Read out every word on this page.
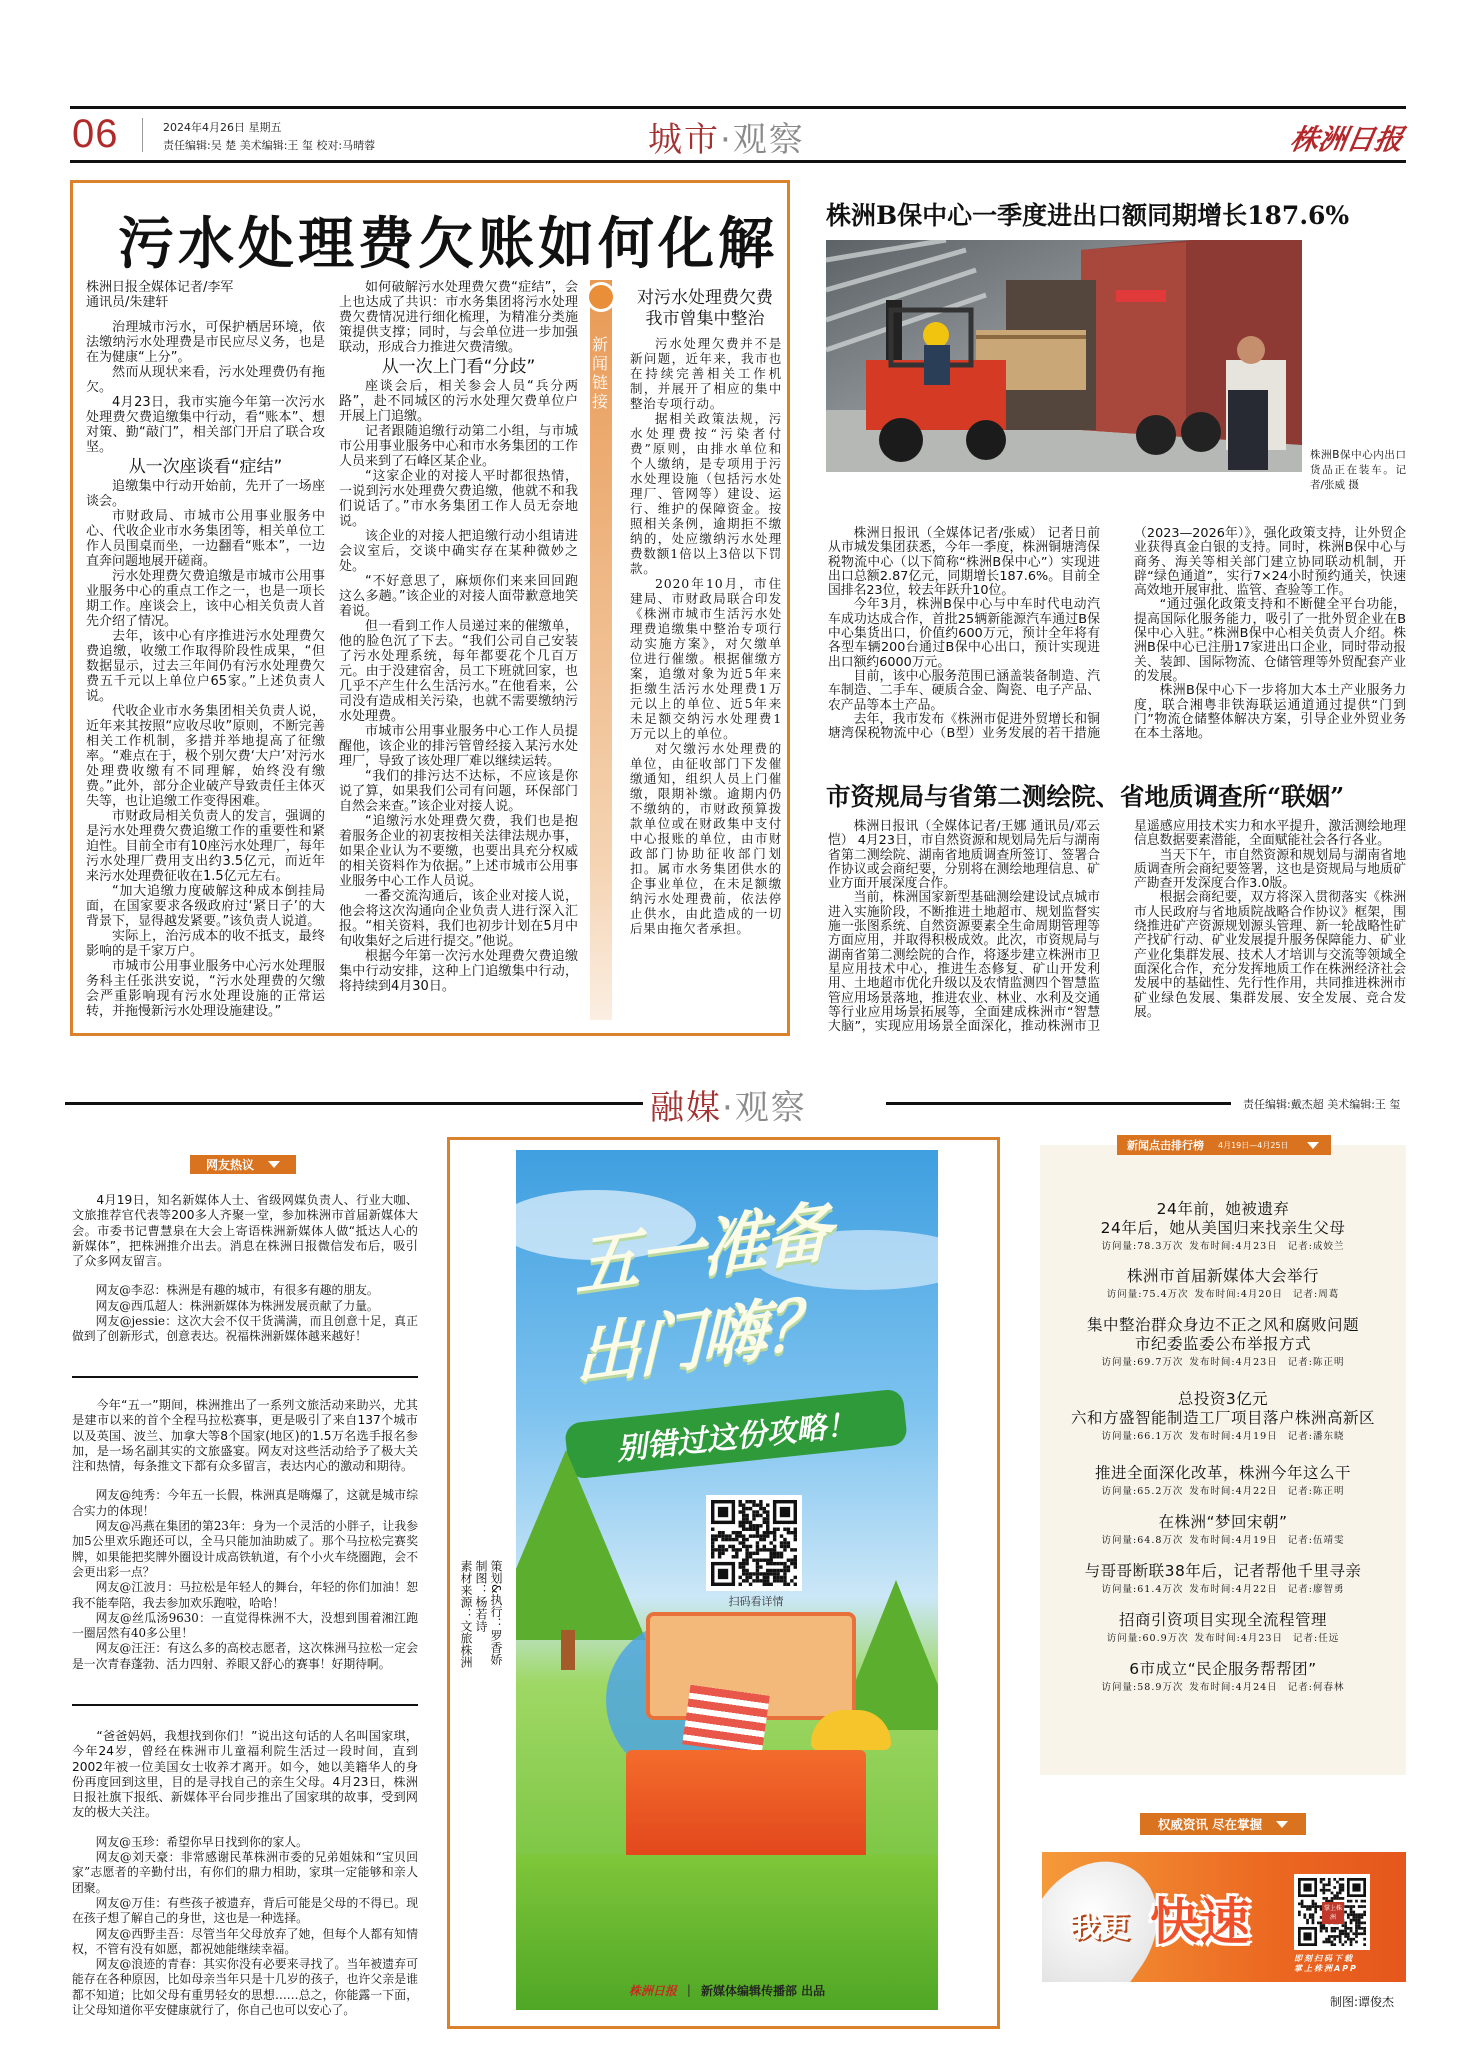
06	2024年4月26日 星期五
责任编辑:吴 楚 美术编辑:王 玺 校对:马晴蓉	城市·观察	株洲日报
污水处理费欠账如何化解
株洲日报全媒体记者/李军
通讯员/朱建轩

治理城市污水，可保护栖居环境，依法缴纳污水处理费是市民应尽义务，也是在为健康“上分”。

然而从现状来看，污水处理费仍有拖欠。

4月23日，我市实施今年第一次污水处理费欠费追缴集中行动，看“账本”、想对策、勤“敲门”，相关部门开启了联合攻坚。

从一次座谈看“症结”

追缴集中行动开始前，先开了一场座谈会。

市财政局、市城市公用事业服务中心、代收企业市水务集团等，相关单位工作人员围桌而坐，一边翻看“账本”，一边直奔问题地展开磋商。

污水处理费欠费追缴是市城市公用事业服务中心的重点工作之一，也是一项长期工作。座谈会上，该中心相关负责人首先介绍了情况。

去年，该中心有序推进污水处理费欠费追缴，收缴工作取得阶段性成果，“但数据显示，过去三年间仍有污水处理费欠费五千元以上单位户65家。”上述负责人说。

代收企业市水务集团相关负责人说，近年来其按照“应收尽收”原则，不断完善相关工作机制，多措并举地提高了征缴率。“难点在于，极个别欠费‘大户’对污水处理费收缴有不同理解，始终没有缴费。”此外，部分企业破产导致责任主体灭失等，也让追缴工作变得困难。

市财政局相关负责人的发言，强调的是污水处理费欠费追缴工作的重要性和紧迫性。目前全市有10座污水处理厂，每年污水处理厂费用支出约3.5亿元，而近年来污水处理费征收在1.5亿元左右。

“加大追缴力度破解这种成本倒挂局面，在国家要求各级政府过‘紧日子’的大背景下，显得越发紧要。”该负责人说道。

实际上，治污成本的收不抵支，最终影响的是千家万户。

市城市公用事业服务中心污水处理服务科主任张洪安说，“污水处理费的欠缴会严重影响现有污水处理设施的正常运转，并拖慢新污水处理设施建设。”

如何破解污水处理费欠费“症结”，会上也达成了共识：市水务集团将污水处理费欠费情况进行细化梳理，为精准分类施策提供支撑；同时，与会单位进一步加强联动，形成合力推进欠费清缴。

从一次上门看“分歧”

座谈会后，相关参会人员“兵分两路”，赴不同城区的污水处理欠费单位户开展上门追缴。

记者跟随追缴行动第二小组，与市城市公用事业服务中心和市水务集团的工作人员来到了石峰区某企业。

“这家企业的对接人平时都很热情，一说到污水处理费欠费追缴，他就不和我们说话了。”市水务集团工作人员无奈地说。

该企业的对接人把追缴行动小组请进会议室后，交谈中确实存在某种微妙之处。

“不好意思了，麻烦你们来来回回跑这么多趟。”该企业的对接人面带歉意地笑着说。

但一看到工作人员递过来的催缴单，他的脸色沉了下去。“我们公司自己安装了污水处理系统，每年都要花个几百万元。由于没建宿舍，员工下班就回家，也几乎不产生什么生活污水。”在他看来，公司没有造成相关污染，也就不需要缴纳污水处理费。

市城市公用事业服务中心工作人员提醒他，该企业的排污管曾经接入某污水处理厂，导致了该处理厂难以继续运转。

“我们的排污达不达标，不应该是你说了算，如果我们公司有问题，环保部门自然会来查。”该企业对接人说。

“追缴污水处理费欠费，我们也是抱着服务企业的初衷按相关法律法规办事，如果企业认为不要缴，也要出具充分权威的相关资料作为依据。”上述市城市公用事业服务中心工作人员说。

一番交流沟通后，该企业对接人说，他会将这次沟通向企业负责人进行深入汇报。“相关资料，我们也初步计划在5月中旬收集好之后进行提交。”他说。

根据今年第一次污水处理费欠费追缴集中行动安排，这种上门追缴集中行动，将持续到4月30日。

新闻链接
对污水处理费欠费
我市曾集中整治

污水处理欠费并不是新问题，近年来，我市也在持续完善相关工作机制，并展开了相应的集中整治专项行动。

据相关政策法规，污水处理费按“污染者付费”原则，由排水单位和个人缴纳，是专项用于污水处理设施（包括污水处理厂、管网等）建设、运行、维护的保障资金。按照相关条例，逾期拒不缴纳的，处应缴纳污水处理费数额1倍以上3倍以下罚款。

2020年10月，市住建局、市财政局联合印发《株洲市城市生活污水处理费追缴集中整治专项行动实施方案》，对欠缴单位进行催缴。根据催缴方案，追缴对象为近5年来拒缴生活污水处理费1万元以上的单位、近5年来未足额交纳污水处理费1万元以上的单位。

对欠缴污水处理费的单位，由征收部门下发催缴通知，组织人员上门催缴，限期补缴。逾期内仍不缴纳的，市财政预算拨款单位或在财政集中支付中心报账的单位，由市财政部门协助征收部门划扣。属市水务集团供水的企事业单位，在未足额缴纳污水处理费前，依法停止供水，由此造成的一切后果由拖欠者承担。

株洲B保中心一季度进出口额同期增长187.6%
株洲B保中心内出口货品正在装车。记者/张威 摄

株洲日报讯（全媒体记者/张威） 记者日前从市城发集团获悉，今年一季度，株洲铜塘湾保税物流中心（以下简称“株洲B保中心”）实现进出口总额2.87亿元，同期增长187.6%。目前全国排名23位，较去年跃升10位。

今年3月，株洲B保中心与中车时代电动汽车成功达成合作，首批25辆新能源汽车通过B保中心集货出口，价值约600万元，预计全年将有各型车辆200台通过B保中心出口，预计实现进出口额约6000万元。

目前，该中心服务范围已涵盖装备制造、汽车制造、二手车、硬质合金、陶瓷、电子产品、农产品等本土产品。

去年，我市发布《株洲市促进外贸增长和铜塘湾保税物流中心（B型）业务发展的若干措施（2023—2026年）》，强化政策支持，让外贸企业获得真金白银的支持。同时，株洲B保中心与商务、海关等相关部门建立协同联动机制，开辟“绿色通道”，实行7×24小时预约通关，快速高效地开展审批、监管、查验等工作。

“通过强化政策支持和不断健全平台功能，提高国际化服务能力，吸引了一批外贸企业在B保中心入驻。”株洲B保中心相关负责人介绍。株洲B保中心已注册17家进出口企业，同时带动报关、装卸、国际物流、仓储管理等外贸配套产业的发展。

株洲B保中心下一步将加大本土产业服务力度，联合湘粤非铁海联运通道通过提供“门到门”物流仓储整体解决方案，引导企业外贸业务在本土落地。

市资规局与省第二测绘院、省地质调查所“联姻”

株洲日报讯（全媒体记者/王娜 通讯员/邓云恺） 4月23日，市自然资源和规划局先后与湖南省第二测绘院、湖南省地质调查所签订、签署合作协议或会商纪要，分别将在测绘地理信息、矿业方面开展深度合作。

当前，株洲国家新型基础测绘建设试点城市进入实施阶段，不断推进土地超市、规划监督实施一张图系统、自然资源要素全生命周期管理等方面应用，并取得积极成效。此次，市资规局与湖南省第二测绘院的合作，将逐步建立株洲市卫星应用技术中心，推进生态修复、矿山开发利用、土地超市优化升级以及农情监测四个智慧监管应用场景落地，推进农业、林业、水利及交通等行业应用场景拓展等，全面建成株洲市“智慧大脑”，实现应用场景全面深化，推动株洲市卫星遥感应用技术实力和水平提升，激活测绘地理信息数据要素潜能，全面赋能社会各行各业。

当天下午，市自然资源和规划局与湖南省地质调查所会商纪要签署，这也是资规局与地质矿产勘查开发深度合作3.0版。

根据会商纪要，双方将深入贯彻落实《株洲市人民政府与省地质院战略合作协议》框架，围绕推进矿产资源规划源头管理、新一轮战略性矿产找矿行动、矿业发展提升服务保障能力、矿业产业化集群发展、技术人才培训与交流等领域全面深化合作，充分发挥地质工作在株洲经济社会发展中的基础性、先行性作用，共同推进株洲市矿业绿色发展、集群发展、安全发展、竞合发展。

融媒·观察	责任编辑:戴杰超 美术编辑:王 玺
网友热议

4月19日，知名新媒体人士、省级网媒负责人、行业大咖、文旅推荐官代表等200多人齐聚一堂，参加株洲市首届新媒体大会。市委书记曹慧泉在大会上寄语株洲新媒体人做“抵达人心的新媒体”，把株洲推介出去。消息在株洲日报微信发布后，吸引了众多网友留言。

网友@李忍：株洲是有趣的城市，有很多有趣的朋友。

网友@西瓜超人：株洲新媒体为株洲发展贡献了力量。

网友@jessie：这次大会不仅干货满满，而且创意十足，真正做到了创新形式，创意表达。祝福株洲新媒体越来越好！

今年“五一”期间，株洲推出了一系列文旅活动来助兴，尤其是建市以来的首个全程马拉松赛事，更是吸引了来自137个城市以及英国、波兰、加拿大等8个国家(地区)的1.5万名选手报名参加，是一场名副其实的文旅盛宴。网友对这些活动给予了极大关注和热情，每条推文下都有众多留言，表达内心的激动和期待。

网友@纯秀：今年五一长假，株洲真是嗨爆了，这就是城市综合实力的体现！

网友@冯燕在集团的第23年：身为一个灵活的小胖子，让我参加5公里欢乐跑还可以，全马只能加油助威了。那个马拉松完赛奖牌，如果能把奖牌外圈设计成高铁轨道，有个小火车绕圈跑，会不会更出彩一点？

网友@江波月：马拉松是年轻人的舞台，年轻的你们加油！恕我不能奉陪，我去参加欢乐跑啦，哈哈！

网友@丝瓜汤9630：一直觉得株洲不大，没想到围着湘江跑一圈居然有40多公里！

网友@汪汪：有这么多的高校志愿者，这次株洲马拉松一定会是一次青春蓬勃、活力四射、养眼又舒心的赛事！好期待啊。

“爸爸妈妈，我想找到你们！”说出这句话的人名叫国家琪，今年24岁，曾经在株洲市儿童福利院生活过一段时间，直到2002年被一位美国女士收养才离开。如今，她以美籍华人的身份再度回到这里，目的是寻找自己的亲生父母。4月23日，株洲日报社旗下报纸、新媒体平台同步推出了国家琪的故事，受到网友的极大关注。

网友@玉珍：希望你早日找到你的家人。

网友@刘天豪：非常感谢民革株洲市委的兄弟姐妹和“宝贝回家”志愿者的辛勤付出，有你们的鼎力相助，家琪一定能够和亲人团聚。

网友@万佳：有些孩子被遗弃，背后可能是父母的不得已。现在孩子想了解自己的身世，这也是一种选择。

网友@西野圭吾：尽管当年父母放弃了她，但每个人都有知情权，不管有没有如愿，都祝她能继续幸福。

网友@浪迹的青春：其实你没有必要来寻找了。当年被遗弃可能存在各种原因，比如母亲当年只是十几岁的孩子，也许父亲是谁都不知道；比如父母有重男轻女的思想……总之，你能露一下面，让父母知道你平安健康就行了，你自己也可以安心了。

策划&执行：罗香娇
制图：杨若诗
素材来源：文旅株洲
五一准备
出门嗨？
别错过这份攻略！
扫码看详情
株洲日报 | 新媒体编辑传播部 出品
24年前，她被遗弃
24年后，她从美国归来找亲生父母
访问量:78.3万次 发布时间:4月23日 记者:成姣兰
株洲市首届新媒体大会举行
访问量:75.4万次 发布时间:4月20日 记者:周葛
集中整治群众身边不正之风和腐败问题
市纪委监委公布举报方式
访问量:69.7万次 发布时间:4月23日 记者:陈正明
总投资3亿元
六和方盛智能制造工厂项目落户株洲高新区
访问量:66.1万次 发布时间:4月19日 记者:潘东晓
推进全面深化改革，株洲今年这么干
访问量:65.2万次 发布时间:4月22日 记者:陈正明
在株洲“梦回宋朝”
访问量:64.8万次 发布时间:4月19日 记者:伍靖雯
与哥哥断联38年后，记者帮他千里寻亲
访问量:61.4万次 发布时间:4月22日 记者:廖智勇
招商引资项目实现全流程管理
访问量:60.9万次 发布时间:4月23日 记者:任远
6市成立“民企服务帮帮团”
访问量:58.9万次 发布时间:4月24日 记者:何春林
新闻点击排行榜 4月19日—4月25日
权威资讯 尽在掌握
我更 快速	掌上株洲
即刻扫码下载
掌上株洲APP
制图:谭俊杰
